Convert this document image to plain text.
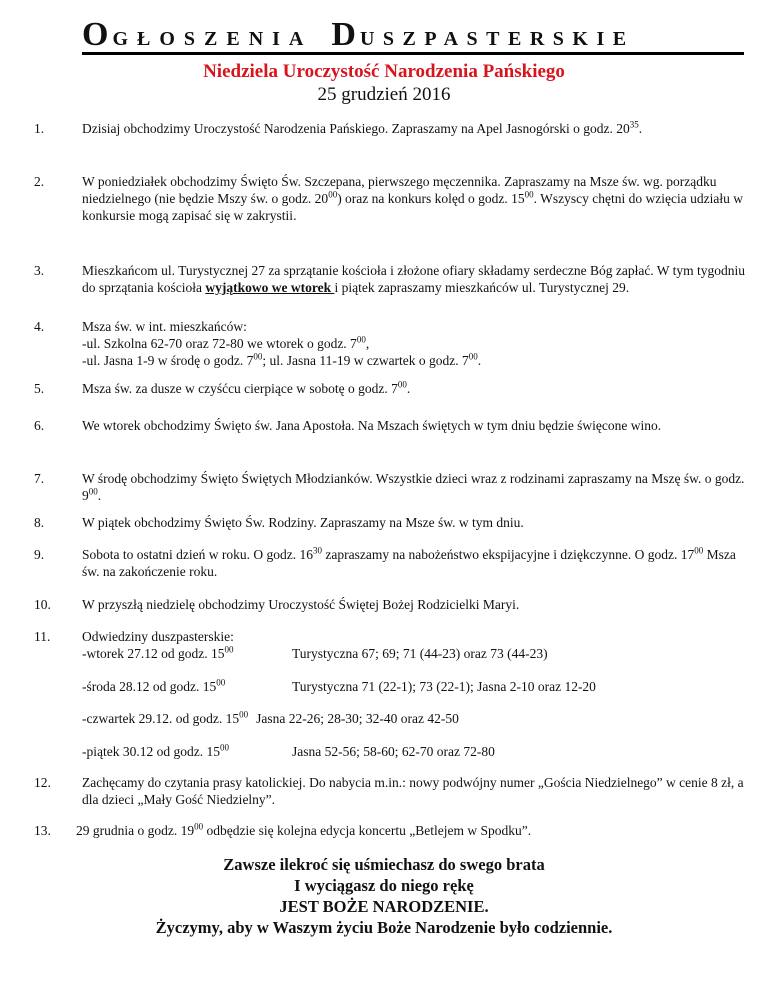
O GŁOSZENIA D USZPASTERSKIE
Niedziela Uroczystość Narodzenia Pańskiego
25 grudzień 2016
1.	Dzisiaj obchodzimy Uroczystość Narodzenia Pańskiego. Zapraszamy na Apel Jasnogórski o godz. $20^{35}$.
2.	W poniedziałek obchodzimy Święto Św. Szczepana, pierwszego męczennika. Zapraszamy na Msze św. wg. porządku niedzielnego (nie będzie Mszy św. o godz. $20^{00}$) oraz na konkurs kolęd o godz. $15^{00}$. Wszyscy chętni do wzięcia udziału w konkursie mogą zapisać się w zakrystii.
3.	Mieszkańcom ul. Turystycznej 27 za sprzątanie kościoła i złożone ofiary składamy serdeczne Bóg zapłać. W tym tygodniu do sprzątania kościoła wyjątkowo we wtorek i piątek zapraszamy mieszkańców ul. Turystycznej 29.
4.	Msza św. w int. mieszkańców:
-ul. Szkolna 62-70 oraz 72-80 we wtorek o godz. $7^{00}$,
-ul. Jasna 1-9 w środę o godz. $7^{00}$; ul. Jasna 11-19 w czwartek o godz. $7^{00}$.
5.	Msza św. za dusze w czyśćcu cierpiące w sobotę o godz. $7^{00}$.
6.	We wtorek obchodzimy Święto św. Jana Apostoła. Na Mszach świętych w tym dniu będzie święcone wino.
7.	W środę obchodzimy Święto Świętych Młodzianków. Wszystkie dzieci wraz z rodzinami zapraszamy na Mszę św. o godz. $9^{00}$.
8.	W piątek obchodzimy Święto Św. Rodziny. Zapraszamy na Msze św. w tym dniu.
9.	Sobota to ostatni dzień w roku. O godz. $16^{30}$ zapraszamy na nabożeństwo ekspijacyjne i dziękczynne. O godz. $17^{00}$ Msza św. na zakończenie roku.
10. W przyszłą niedzielę obchodzimy Uroczystość Świętej Bożej Rodzicielki Maryi.
11. Odwiedziny duszpasterskie:
-wtorek 27.12 od godz. $15^{00}$	Turystyczna 67; 69; 71 (44-23) oraz 73 (44-23)
-środa 28.12 od godz. $15^{00}$	Turystyczna 71 (22-1); 73 (22-1); Jasna 2-10 oraz 12-20
-czwartek 29.12. od godz. $15^{00}$ Jasna 22-26; 28-30; 32-40 oraz 42-50
-piątek 30.12 od godz. $15^{00}$	Jasna 52-56; 58-60; 62-70 oraz 72-80
12. Zachęcamy do czytania prasy katolickiej. Do nabycia m.in.: nowy podwójny numer „Gościa Niedzielnego” w cenie 8 zł, a dla dzieci „Mały Gość Niedzielny”.
13. 29 grudnia o godz. $19^{00}$ odbędzie się kolejna edycja koncertu „Betlejem w Spodku”.
Zawsze ilekroć się uśmiechasz do swego brata
I wyciągasz do niego rękę
JEST BOŻE NARODZENIE.
Życzymy, aby w Waszym życiu Boże Narodzenie było codziennie.
